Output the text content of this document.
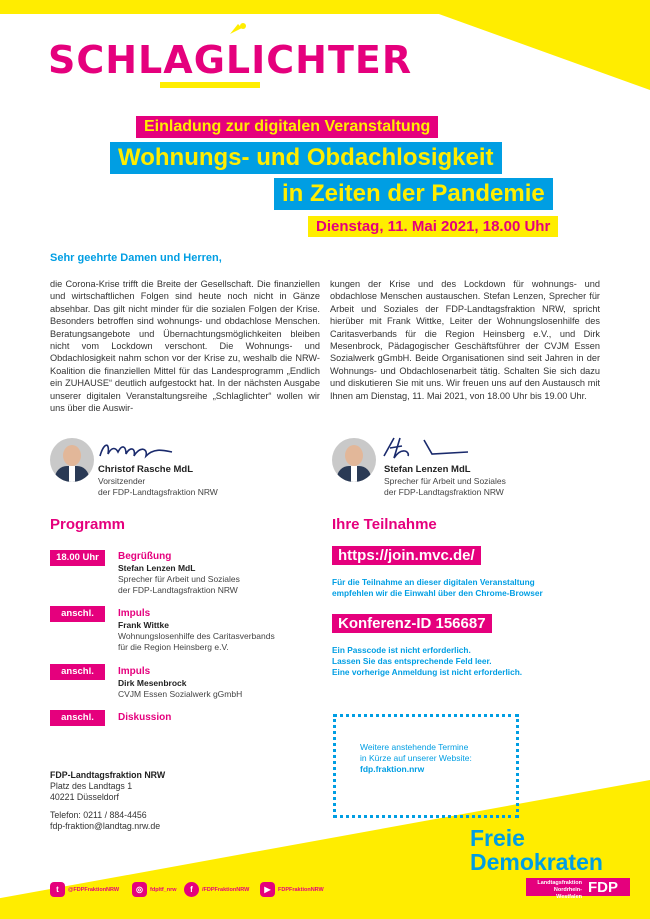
SCHLAGLICHTER
Einladung zur digitalen Veranstaltung
Wohnungs- und Obdachlosigkeit
in Zeiten der Pandemie
Dienstag, 11. Mai 2021, 18.00 Uhr
Sehr geehrte Damen und Herren,
die Corona-Krise trifft die Breite der Gesellschaft. Die finanziellen und wirtschaftlichen Folgen sind heute noch nicht in Gänze absehbar. Das gilt nicht minder für die sozialen Folgen der Krise. Besonders betroffen sind wohnungs- und obdachlose Menschen. Beratungsangebote und Übernachtungsmöglichkeiten bleiben nicht vom Lockdown verschont. Die Wohnungs- und Obdachlosigkeit nahm schon vor der Krise zu, weshalb die NRW-Koalition die finanziellen Mittel für das Landesprogramm „Endlich ein ZUHAUSE“ deutlich aufgestockt hat. In der nächsten Ausgabe unserer digitalen Veranstaltungsreihe „Schlaglichter“ wollen wir uns über die Auswir-
kungen der Krise und des Lockdown für wohnungs- und obdachlose Menschen austauschen. Stefan Lenzen, Sprecher für Arbeit und Soziales der FDP-Landtagsfraktion NRW, spricht hierüber mit Frank Wittke, Leiter der Wohnungslosenhilfe des Caritasverbands für die Region Heinsberg e.V., und Dirk Mesenbrock, Pädagogischer Geschäftsführer der CVJM Essen Sozialwerk gGmbH. Beide Organisationen sind seit Jahren in der Wohnungs- und Obdachlosenarbeit tätig. Schalten Sie sich dazu und diskutieren Sie mit uns. Wir freuen uns auf den Austausch mit Ihnen am Dienstag, 11. Mai 2021, von 18.00 Uhr bis 19.00 Uhr.
Christof Rasche MdL
Vorsitzender
der FDP-Landtagsfraktion NRW
Stefan Lenzen MdL
Sprecher für Arbeit und Soziales
der FDP-Landtagsfraktion NRW
Programm
18.00 Uhr	Begrüßung
Stefan Lenzen MdL
Sprecher für Arbeit und Soziales
der FDP-Landtagsfraktion NRW
anschl.	Impuls
Frank Wittke
Wohnungslosenhilfe des Caritasverbands
für die Region Heinsberg e.V.
anschl.	Impuls
Dirk Mesenbrock
CVJM Essen Sozialwerk gGmbH
anschl.	Diskussion
Ihre Teilnahme
https://join.mvc.de/
Für die Teilnahme an dieser digitalen Veranstaltung
empfehlen wir die Einwahl über den Chrome-Browser
Konferenz-ID 156687
Ein Passcode ist nicht erforderlich.
Lassen Sie das entsprechende Feld leer.
Eine vorherige Anmeldung ist nicht erforderlich.
Weitere anstehende Termine
in Kürze auf unserer Website:
fdp.fraktion.nrw
FDP-Landtagsfraktion NRW
Platz des Landtags 1
40221 Düsseldorf
Telefon: 0211 / 884-4456
fdp-fraktion@landtag.nrw.de	Freie
Demokraten
Landtagsfraktion
Nordrhein-Westfalen
FDP
t	@FDPFraktionNRW	◎	fdpltf_nrw	f	/FDPFraktionNRW	▶	FDPFraktionNRW
